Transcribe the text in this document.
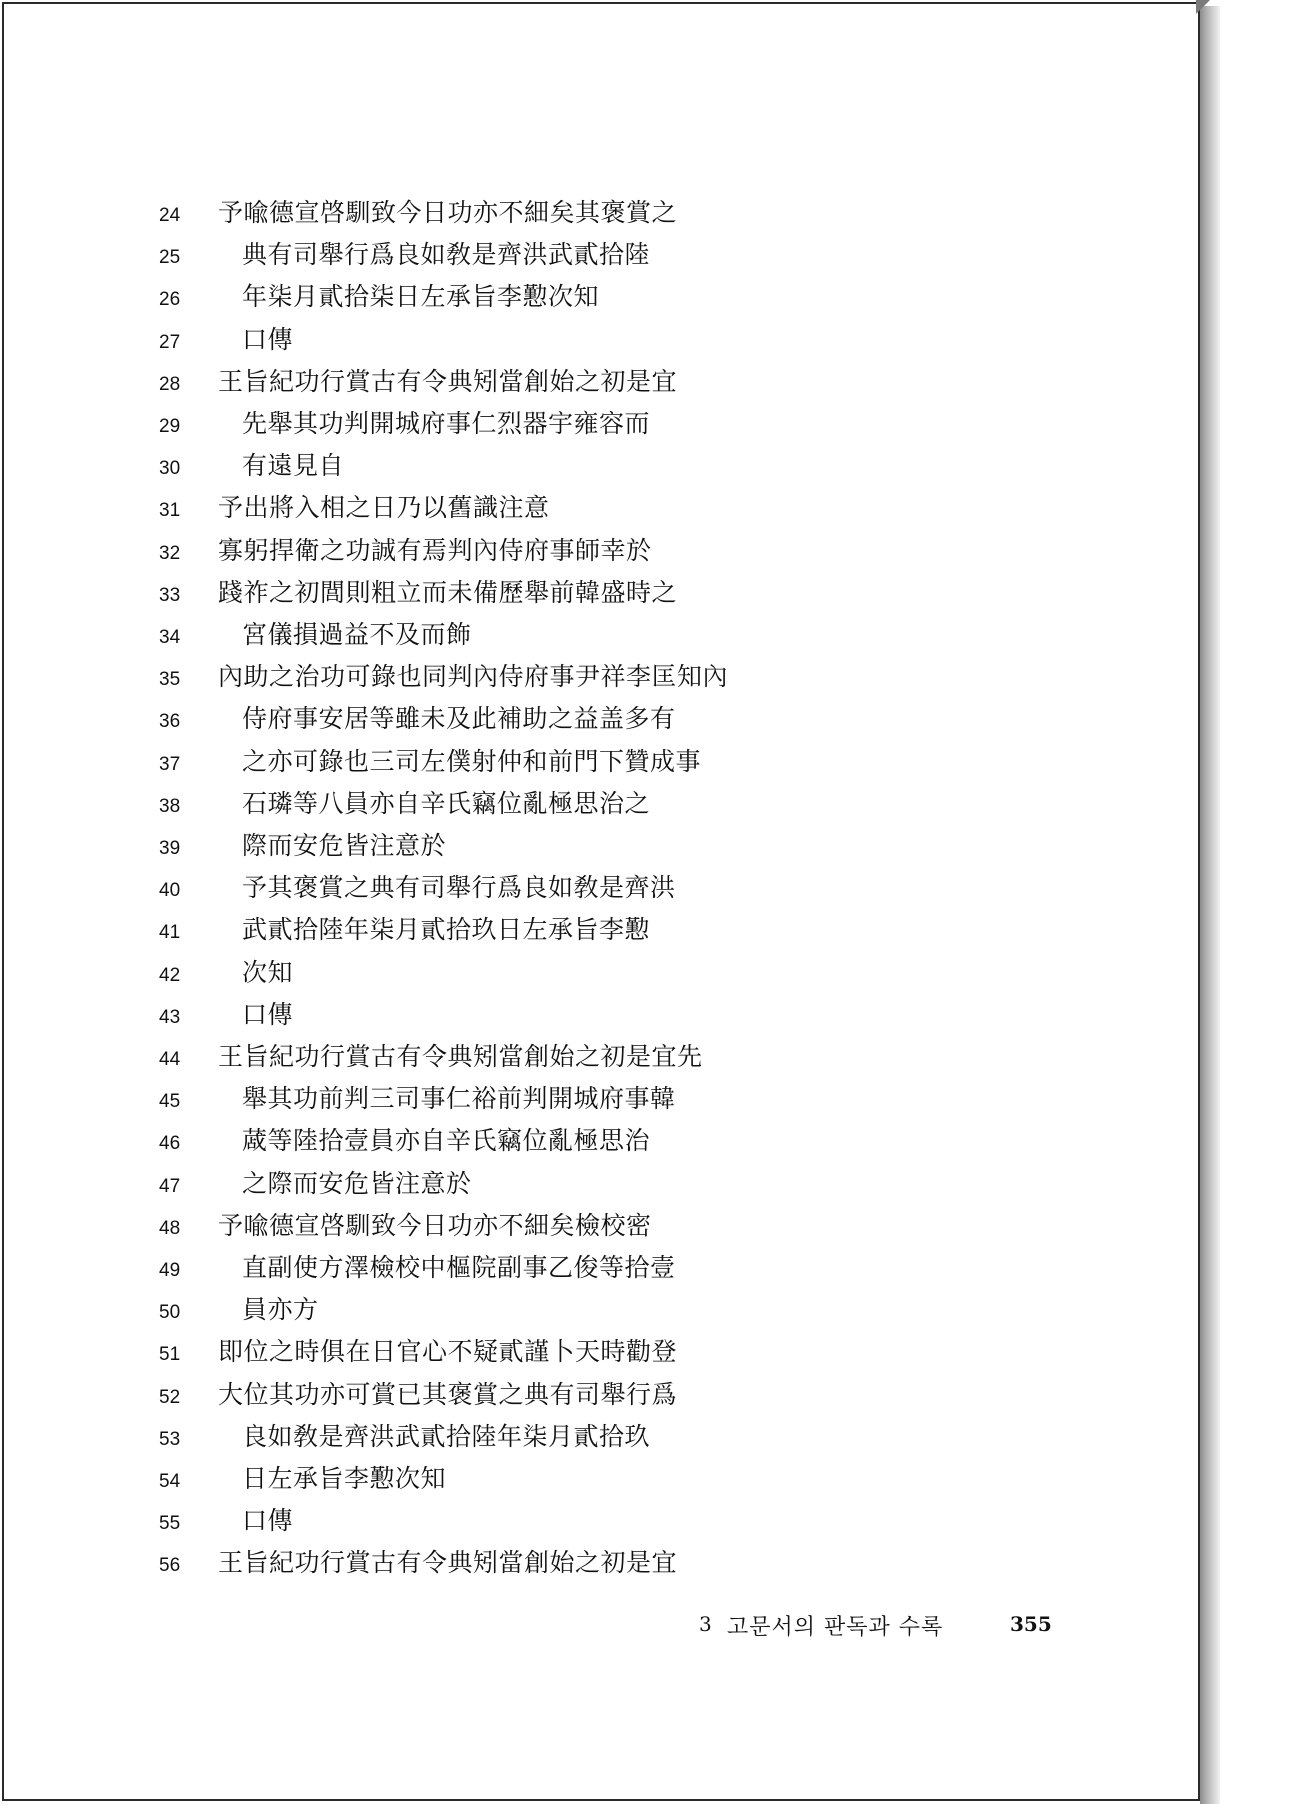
24	予喩德宣啓馴致今日功亦不細矣其褒賞之
25	典有司舉行爲良如敎是齊洪武貳拾陸
26	年柒月貳拾柒日左承旨李懃次知
27	口傳
28	王旨紀功行賞古有令典矧當創始之初是宜
29	先舉其功判開城府事仁烈器宇雍容而
30	有遠見自
31	予出將入相之日乃以舊識注意
32	寡躬捍衛之功誠有焉判內侍府事師幸於
33	踐祚之初閭則粗立而未備歷舉前韓盛時之
34	宮儀損過益不及而飾
35	內助之治功可錄也同判內侍府事尹祥李匡知內
36	侍府事安居等雖未及此補助之益盖多有
37	之亦可錄也三司左僕射仲和前門下贊成事
38	石璘等八員亦自辛氏竊位亂極思治之
39	際而安危皆注意於
40	予其褒賞之典有司舉行爲良如敎是齊洪
41	武貳拾陸年柒月貳拾玖日左承旨李懃
42	次知
43	口傳
44	王旨紀功行賞古有令典矧當創始之初是宜先
45	舉其功前判三司事仁裕前判開城府事韓
46	蒧等陸拾壹員亦自辛氏竊位亂極思治
47	之際而安危皆注意於
48	予喩德宣啓馴致今日功亦不細矣檢校密
49	直副使方澤檢校中樞院副事乙俊等拾壹
50	員亦方
51	即位之時俱在日官心不疑貳謹卜天時勸登
52	大位其功亦可賞已其褒賞之典有司舉行爲
53	良如敎是齊洪武貳拾陸年柒月貳拾玖
54	日左承旨李懃次知
55	口傳
56	王旨紀功行賞古有令典矧當創始之初是宜
3 고문서의 판독과 수록	355
